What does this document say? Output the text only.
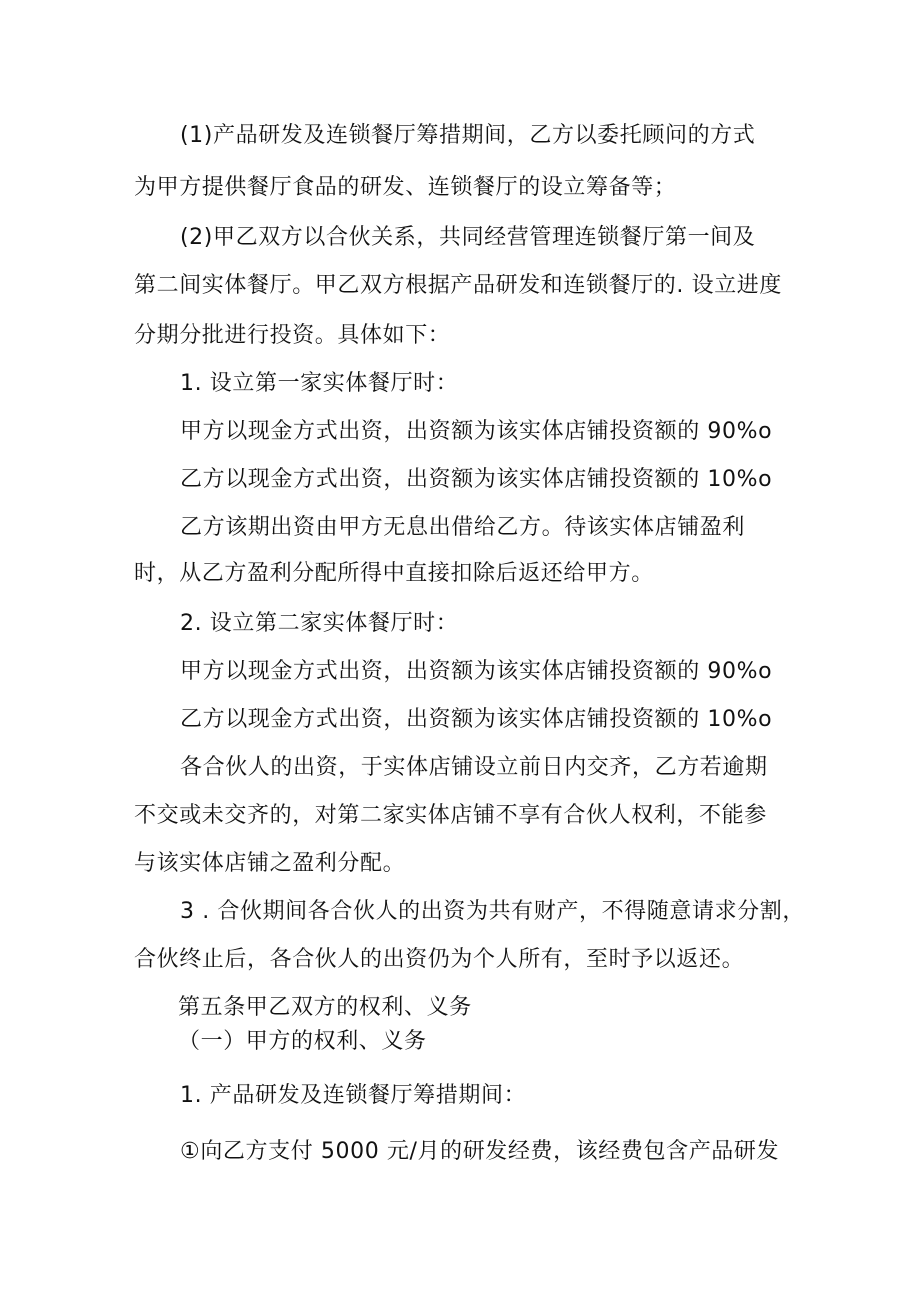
(1)产品研发及连锁餐厅筹措期间，乙方以委托顾问的方式
为甲方提供餐厅食品的研发、连锁餐厅的设立筹备等；
(2)甲乙双方以合伙关系，共同经营管理连锁餐厅第一间及
第二间实体餐厅。甲乙双方根据产品研发和连锁餐厅的. 设立进度
分期分批进行投资。具体如下：
1. 设立第一家实体餐厅时：
甲方以现金方式出资，出资额为该实体店铺投资额的 90%o
乙方以现金方式出资，出资额为该实体店铺投资额的 10%o
乙方该期出资由甲方无息出借给乙方。待该实体店铺盈利
时，从乙方盈利分配所得中直接扣除后返还给甲方。
2. 设立第二家实体餐厅时：
甲方以现金方式出资，出资额为该实体店铺投资额的 90%o
乙方以现金方式出资，出资额为该实体店铺投资额的 10%o
各合伙人的出资，于实体店铺设立前日内交齐，乙方若逾期
不交或未交齐的，对第二家实体店铺不享有合伙人权利，不能参
与该实体店铺之盈利分配。
3 . 合伙期间各合伙人的出资为共有财产，不得随意请求分割，
合伙终止后，各合伙人的出资仍为个人所有，至时予以返还。
第五条甲乙双方的权利、义务
（一）甲方的权利、义务
1. 产品研发及连锁餐厅筹措期间：
①向乙方支付 5000 元/月的研发经费，该经费包含产品研发
